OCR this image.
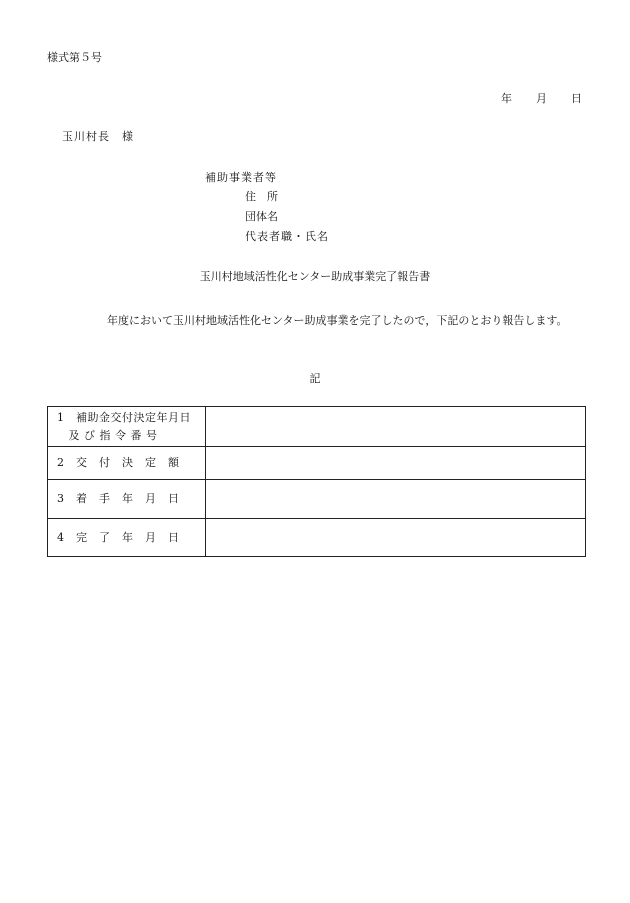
様式第５号
年 月 日
玉川村長 様
補助事業者等
住　所
団体名
代表者職・氏名
玉川村地域活性化センター助成事業完了報告書
年度において玉川村地域活性化センター助成事業を完了したので，下記のとおり報告します。
記
1　補助金交付決定年月日
　及 び 指 令 番 号	

2　交　付　決　定　額	

3　着　手　年　月　日	

4　完　了　年　月　日	
